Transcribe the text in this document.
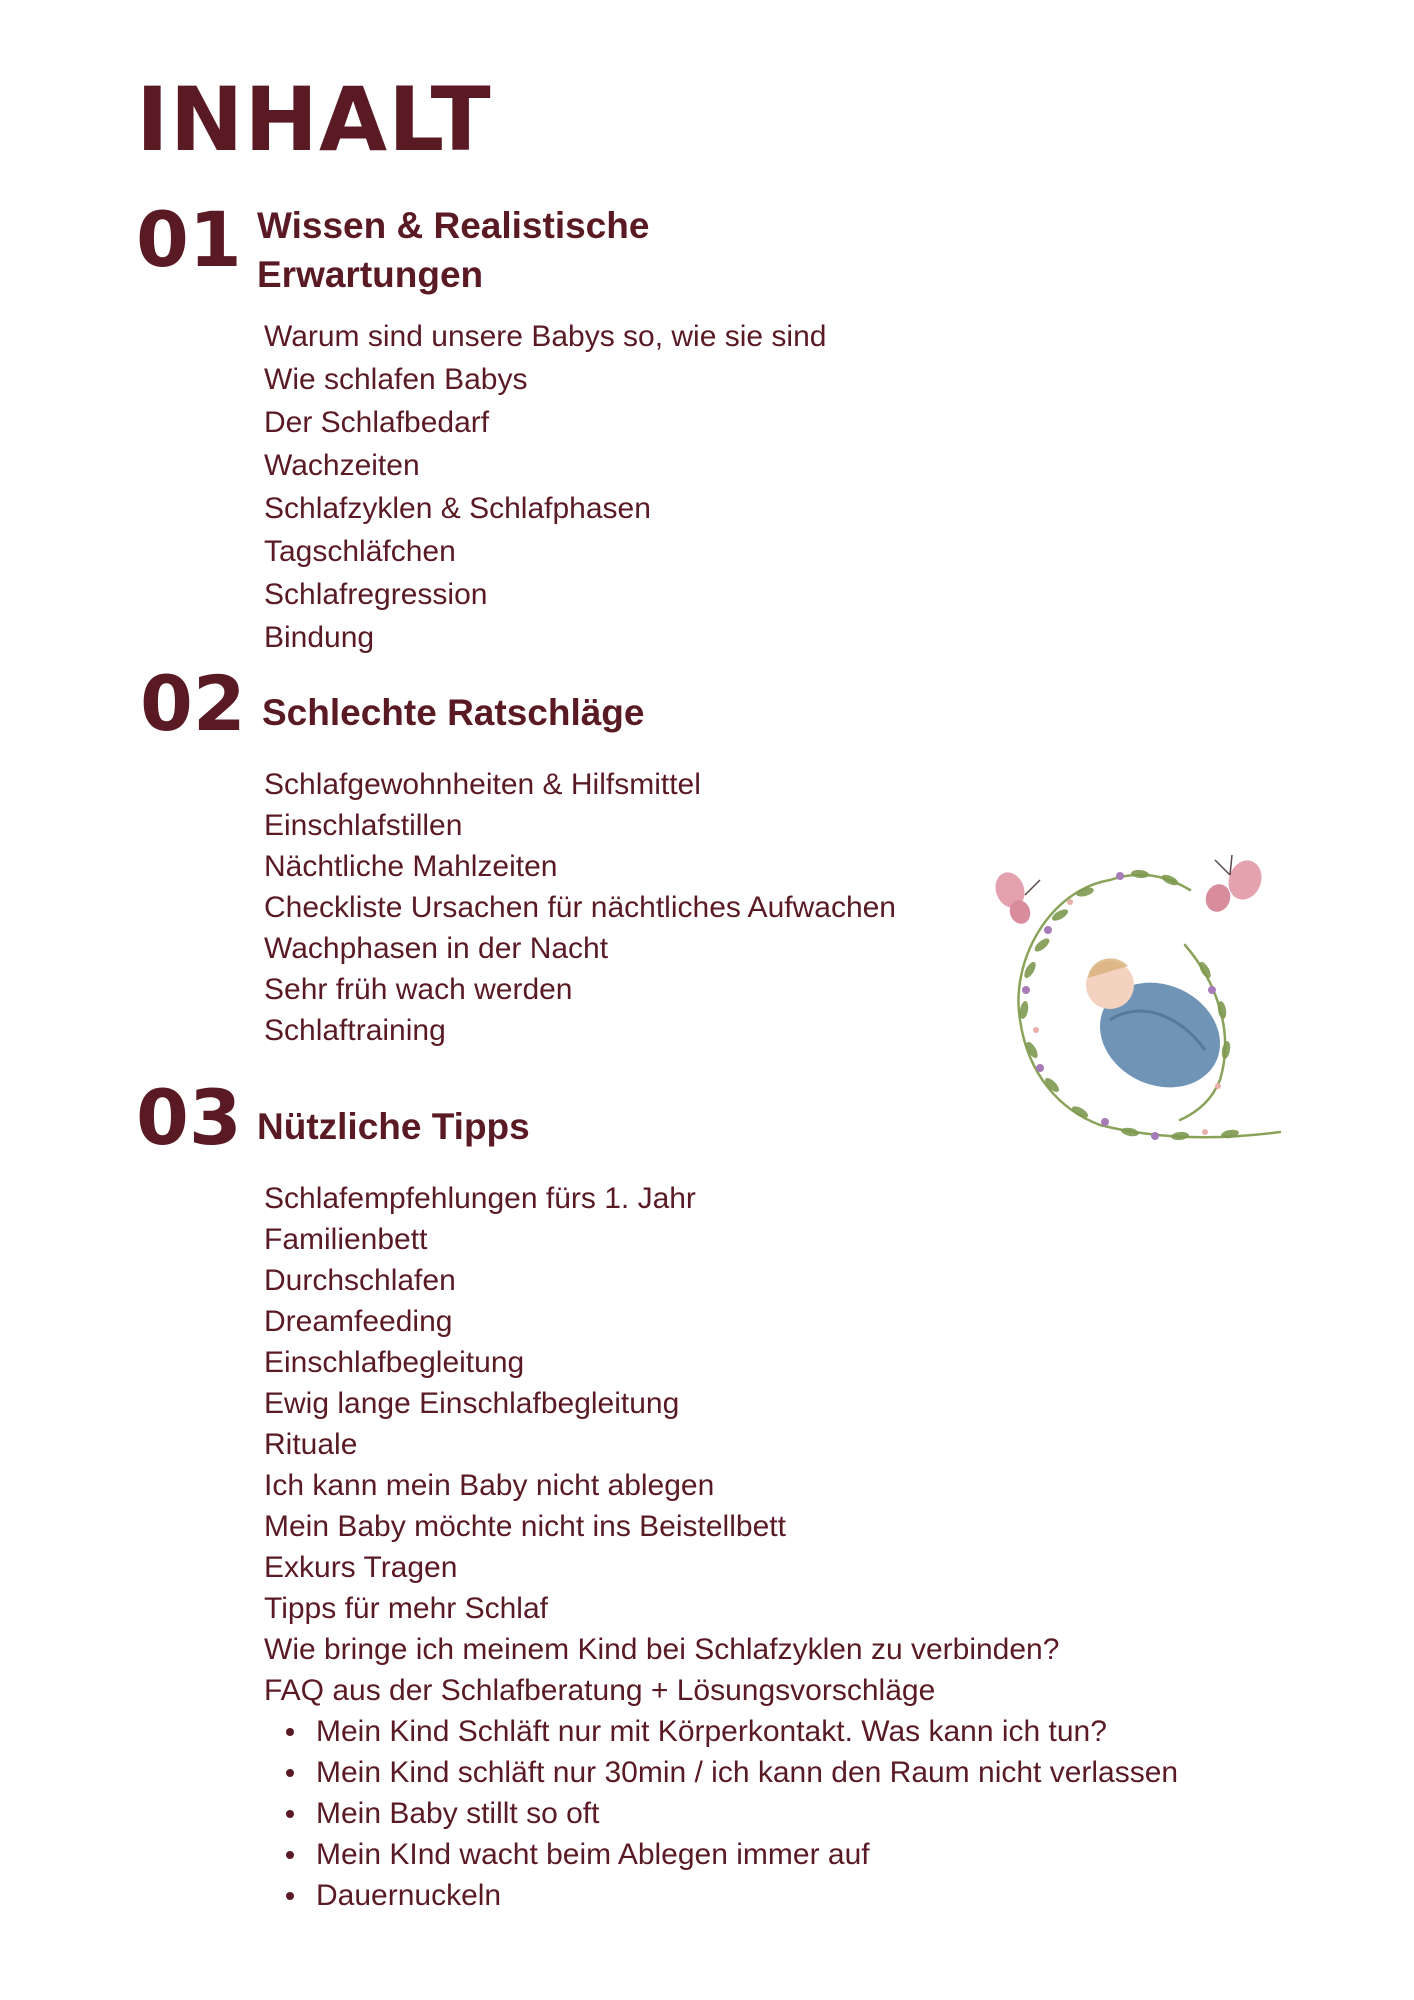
INHALT
01 Wissen & Realistische
Erwartungen
Warum sind unsere Babys so, wie sie sind
Wie schlafen Babys
Der Schlafbedarf
Wachzeiten
Schlafzyklen & Schlafphasen
Tagschläfchen
Schlafregression
Bindung
02 Schlechte Ratschläge
Schlafgewohnheiten & Hilfsmittel
Einschlafstillen
Nächtliche Mahlzeiten
Checkliste Ursachen für nächtliches Aufwachen
Wachphasen in der Nacht
Sehr früh wach werden
Schlaftraining
03 Nützliche Tipps
Schlafempfehlungen fürs 1. Jahr
Familienbett
Durchschlafen
Dreamfeeding
Einschlafbegleitung
Ewig lange Einschlafbegleitung
Rituale
Ich kann mein Baby nicht ablegen
Mein Baby möchte nicht ins Beistellbett
Exkurs Tragen
Tipps für mehr Schlaf
Wie bringe ich meinem Kind bei Schlafzyklen zu verbinden?
FAQ aus der Schlafberatung + Lösungsvorschläge
Mein Kind Schläft nur mit Körperkontakt. Was kann ich tun?
Mein Kind schläft nur 30min / ich kann den Raum nicht verlassen
Mein Baby stillt so oft
Mein KInd wacht beim Ablegen immer auf
Dauernuckeln
